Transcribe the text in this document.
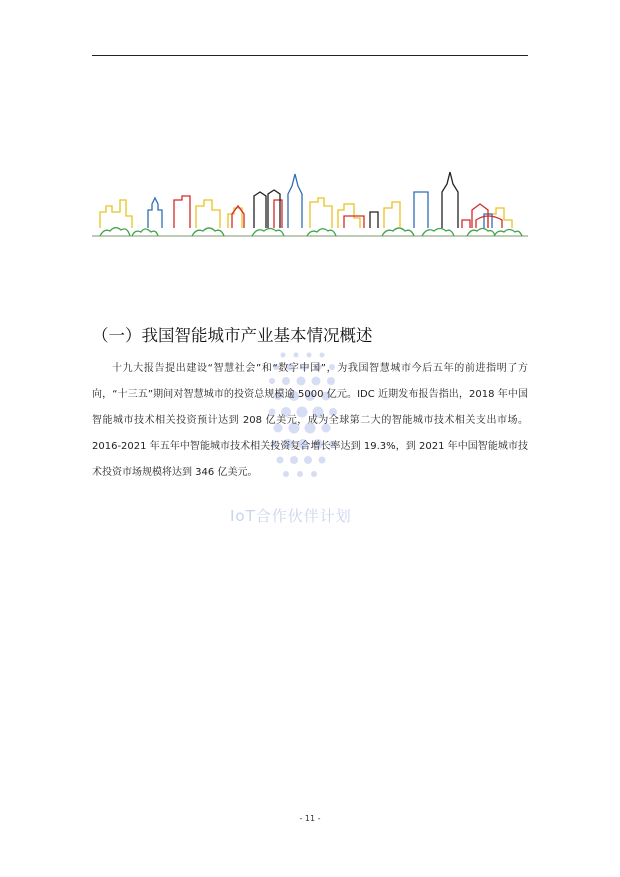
IoT合作伙伴计划
（一）我国智能城市产业基本情况概述

十九大报告提出建设“智慧社会”和“数字中国”，为我国智慧城市今后五年的前进指明了方向，“十三五”期间对智慧城市的投资总规模逾 5000 亿元。IDC 近期发布报告指出，2018 年中国智能城市技术相关投资预计达到 208 亿美元，成为全球第二大的智能城市技术相关支出市场。2016-2021 年五年中智能城市技术相关投资复合增长率达到 19.3%，到 2021 年中国智能城市技术投资市场规模将达到 346 亿美元。

- 11 -
